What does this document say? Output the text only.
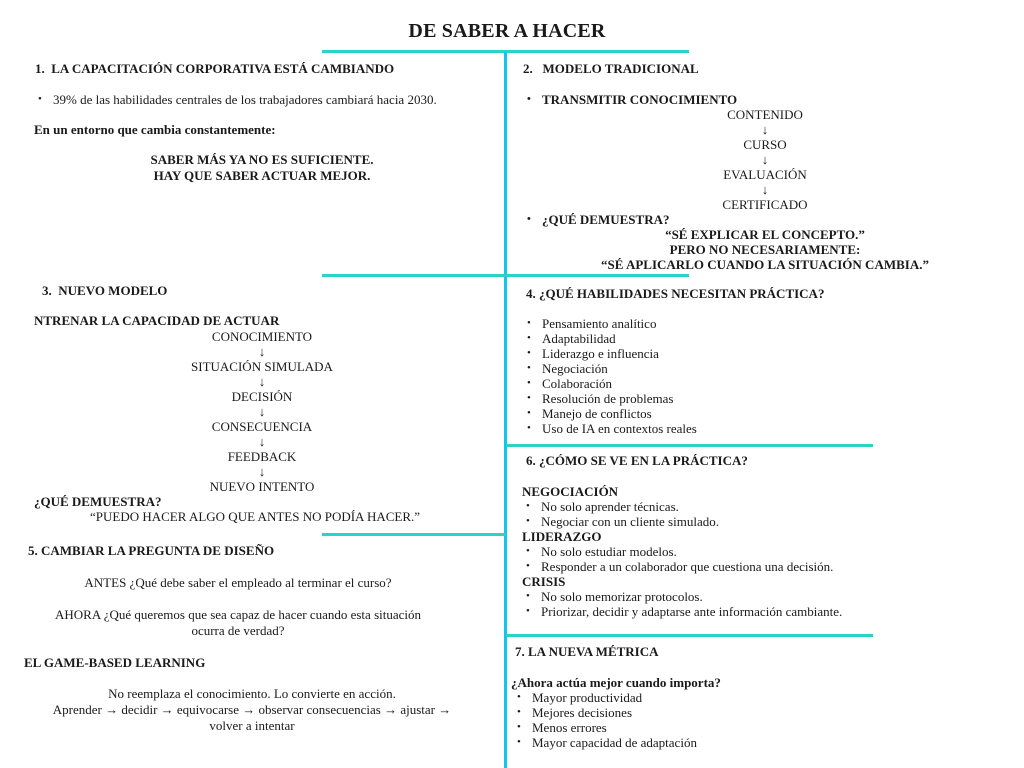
DE SABER A HACER
1. LA CAPACITACIÓN CORPORATIVA ESTÁ CAMBIANDO
• 39% de las habilidades centrales de los trabajadores cambiará hacia 2030.
En un entorno que cambia constantemente:
SABER MÁS YA NO ES SUFICIENTE.
HAY QUE SABER ACTUAR MEJOR.
2. MODELO TRADICIONAL
• TRANSMITIR CONOCIMIENTO
CONTENIDO
↓
CURSO
↓
EVALUACIÓN
↓
CERTIFICADO
• ¿QUÉ DEMUESTRA?
“SÉ EXPLICAR EL CONCEPTO.”
PERO NO NECESARIAMENTE:
“SÉ APLICARLO CUANDO LA SITUACIÓN CAMBIA.”
3.  NUEVO MODELO
NTRENAR LA CAPACIDAD DE ACTUAR
CONOCIMIENTO
↓
SITUACIÓN SIMULADA
↓
DECISIÓN
↓
CONSECUENCIA
↓
FEEDBACK
↓
NUEVO INTENTO
¿QUÉ DEMUESTRA?
“PUEDO HACER ALGO QUE ANTES NO PODÍA HACER.”
4. ¿QUÉ HABILIDADES NECESITAN PRÁCTICA?
• Pensamiento analítico
• Adaptabilidad
• Liderazgo e influencia
• Negociación
• Colaboración
• Resolución de problemas
• Manejo de conflictos
• Uso de IA en contextos reales
5. CAMBIAR LA PREGUNTA DE DISEÑO
ANTES ¿Qué debe saber el empleado al terminar el curso?
AHORA ¿Qué queremos que sea capaz de hacer cuando esta situación
ocurra de verdad?
EL GAME-BASED LEARNING
No reemplaza el conocimiento. Lo convierte en acción.
Aprender → decidir → equivocarse → observar consecuencias → ajustar →
volver a intentar
6. ¿CÓMO SE VE EN LA PRÁCTICA?
NEGOCIACIÓN
• No solo aprender técnicas.
• Negociar con un cliente simulado.
LIDERAZGO
• No solo estudiar modelos.
• Responder a un colaborador que cuestiona una decisión.
CRISIS
• No solo memorizar protocolos.
• Priorizar, decidir y adaptarse ante información cambiante.
7. LA NUEVA MÉTRICA
¿Ahora actúa mejor cuando importa?
• Mayor productividad
• Mejores decisiones
• Menos errores
• Mayor capacidad de adaptación
